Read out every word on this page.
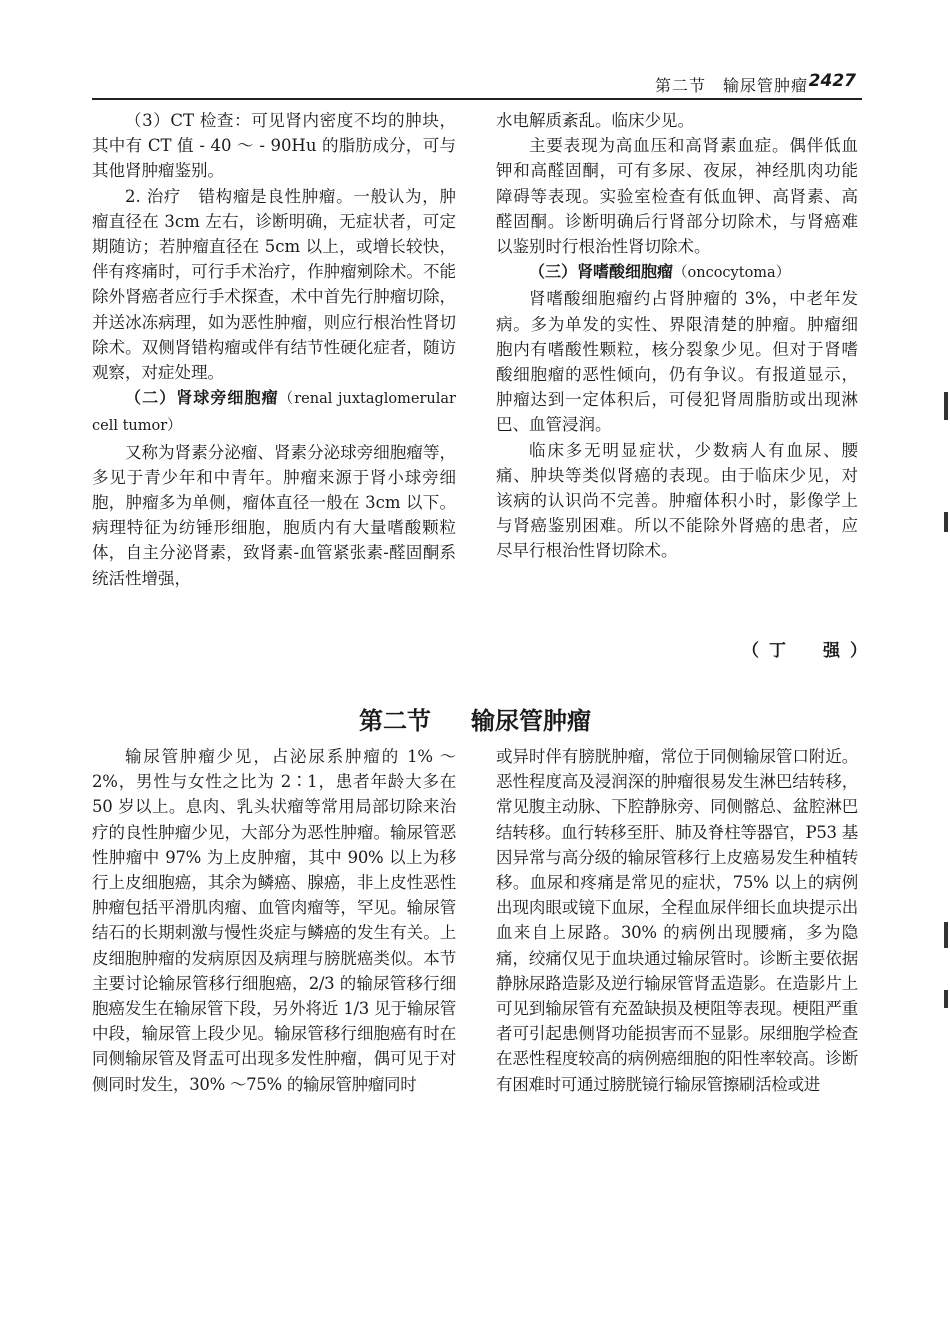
第二节　输尿管肿瘤 2427

（3）CT 检查：可见肾内密度不均的肿块，其中有 CT 值 - 40 ～ - 90Hu 的脂肪成分，可与其他肾肿瘤鉴别。

2. 治疗　错构瘤是良性肿瘤。一般认为，肿瘤直径在 3cm 左右，诊断明确，无症状者，可定期随访；若肿瘤直径在 5cm 以上，或增长较快，伴有疼痛时，可行手术治疗，作肿瘤剜除术。不能除外肾癌者应行手术探查，术中首先行肿瘤切除，并送冰冻病理，如为恶性肿瘤，则应行根治性肾切除术。双侧肾错构瘤或伴有结节性硬化症者，随访观察，对症处理。

（二）肾球旁细胞瘤（renal juxtaglomerular cell tumor）

又称为肾素分泌瘤、肾素分泌球旁细胞瘤等，多见于青少年和中青年。肿瘤来源于肾小球旁细胞，肿瘤多为单侧，瘤体直径一般在 3cm 以下。病理特征为纺锤形细胞，胞质内有大量嗜酸颗粒体，自主分泌肾素，致肾素-血管紧张素-醛固酮系统活性增强，

水电解质紊乱。临床少见。

主要表现为高血压和高肾素血症。偶伴低血钾和高醛固酮，可有多尿、夜尿，神经肌肉功能障碍等表现。实验室检查有低血钾、高肾素、高醛固酮。诊断明确后行肾部分切除术，与肾癌难以鉴别时行根治性肾切除术。

（三）肾嗜酸细胞瘤（oncocytoma）

肾嗜酸细胞瘤约占肾肿瘤的 3%，中老年发病。多为单发的实性、界限清楚的肿瘤。肿瘤细胞内有嗜酸性颗粒，核分裂象少见。但对于肾嗜酸细胞瘤的恶性倾向，仍有争议。有报道显示，肿瘤达到一定体积后，可侵犯肾周脂肪或出现淋巴、血管浸润。

临床多无明显症状，少数病人有血尿、腰痛、肿块等类似肾癌的表现。由于临床少见，对该病的认识尚不完善。肿瘤体积小时，影像学上与肾癌鉴别困难。所以不能除外肾癌的患者，应尽早行根治性肾切除术。

（丁　强）
第二节 输尿管肿瘤

输尿管肿瘤少见，占泌尿系肿瘤的 1% ～2%，男性与女性之比为 2∶1，患者年龄大多在 50 岁以上。息肉、乳头状瘤等常用局部切除来治疗的良性肿瘤少见，大部分为恶性肿瘤。输尿管恶性肿瘤中 97% 为上皮肿瘤，其中 90% 以上为移行上皮细胞癌，其余为鳞癌、腺癌，非上皮性恶性肿瘤包括平滑肌肉瘤、血管肉瘤等，罕见。输尿管结石的长期刺激与慢性炎症与鳞癌的发生有关。上皮细胞肿瘤的发病原因及病理与膀胱癌类似。本节主要讨论输尿管移行细胞癌，2/3 的输尿管移行细胞癌发生在输尿管下段，另外将近 1/3 见于输尿管中段，输尿管上段少见。输尿管移行细胞癌有时在同侧输尿管及肾盂可出现多发性肿瘤，偶可见于对侧同时发生，30% ～75% 的输尿管肿瘤同时

或异时伴有膀胱肿瘤，常位于同侧输尿管口附近。恶性程度高及浸润深的肿瘤很易发生淋巴结转移，常见腹主动脉、下腔静脉旁、同侧髂总、盆腔淋巴结转移。血行转移至肝、肺及脊柱等器官，P53 基因异常与高分级的输尿管移行上皮癌易发生种植转移。血尿和疼痛是常见的症状，75% 以上的病例出现肉眼或镜下血尿，全程血尿伴细长血块提示出血来自上尿路。30% 的病例出现腰痛，多为隐痛，绞痛仅见于血块通过输尿管时。诊断主要依据静脉尿路造影及逆行输尿管肾盂造影。在造影片上可见到输尿管有充盈缺损及梗阻等表现。梗阻严重者可引起患侧肾功能损害而不显影。尿细胞学检查在恶性程度较高的病例癌细胞的阳性率较高。诊断有困难时可通过膀胱镜行输尿管擦刷活检或进
